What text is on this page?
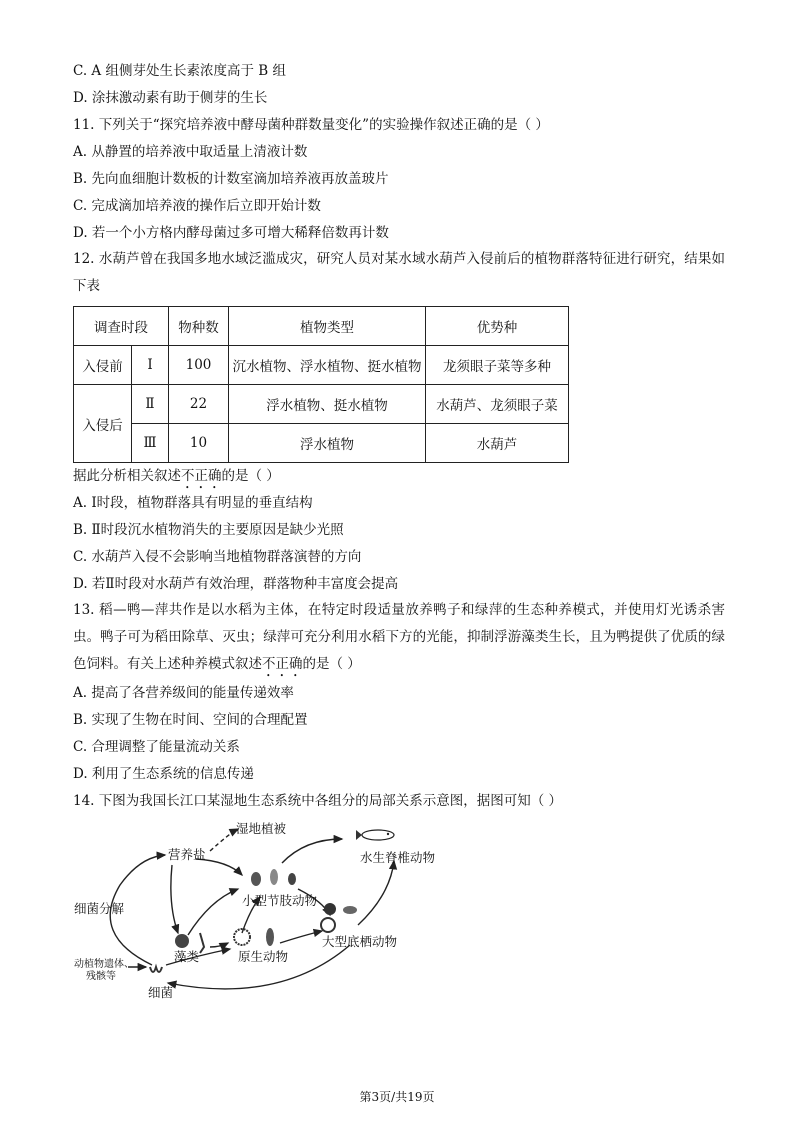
C. A 组侧芽处生长素浓度高于 B 组
D. 涂抹激动素有助于侧芽的生长
11. 下列关于“探究培养液中酵母菌种群数量变化”的实验操作叙述正确的是（ ）
A. 从静置的培养液中取适量上清液计数
B. 先向血细胞计数板的计数室滴加培养液再放盖玻片
C. 完成滴加培养液的操作后立即开始计数
D. 若一个小方格内酵母菌过多可增大稀释倍数再计数
12. 水葫芦曾在我国多地水域泛滥成灾，研究人员对某水域水葫芦入侵前后的植物群落特征进行研究，结果如下表
调查时段		物种数	植物类型	优势种
入侵前	Ⅰ	100	沉水植物、浮水植物、挺水植物	龙须眼子菜等多种
入侵后	Ⅱ	22	浮水植物、挺水植物	水葫芦、龙须眼子菜
	Ⅲ	10	浮水植物	水葫芦
据此分析相关叙述不正确的是（ ）
A. Ⅰ时段，植物群落具有明显的垂直结构
B. Ⅱ时段沉水植物消失的主要原因是缺少光照
C. 水葫芦入侵不会影响当地植物群落演替的方向
D. 若Ⅱ时段对水葫芦有效治理，群落物种丰富度会提高
13. 稻—鸭—萍共作是以水稻为主体，在特定时段适量放养鸭子和绿萍的生态种养模式，并使用灯光诱杀害虫。鸭子可为稻田除草、灭虫；绿萍可充分利用水稻下方的光能，抑制浮游藻类生长，且为鸭提供了优质的绿色饲料。有关上述种养模式叙述不正确的是（ ）
A. 提高了各营养级间的能量传递效率
B. 实现了生物在时间、空间的合理配置
C. 合理调整了能量流动关系
D. 利用了生态系统的信息传递
14. 下图为我国长江口某湿地生态系统中各组分的局部关系示意图，据图可知（ ）
湿地植被
营养盐	水生脊椎动物
小型节肢动物
细菌分解
大型底栖动物
藻类	原生动物
动植物遗体、
残骸等
细菌
第3页/共19页
